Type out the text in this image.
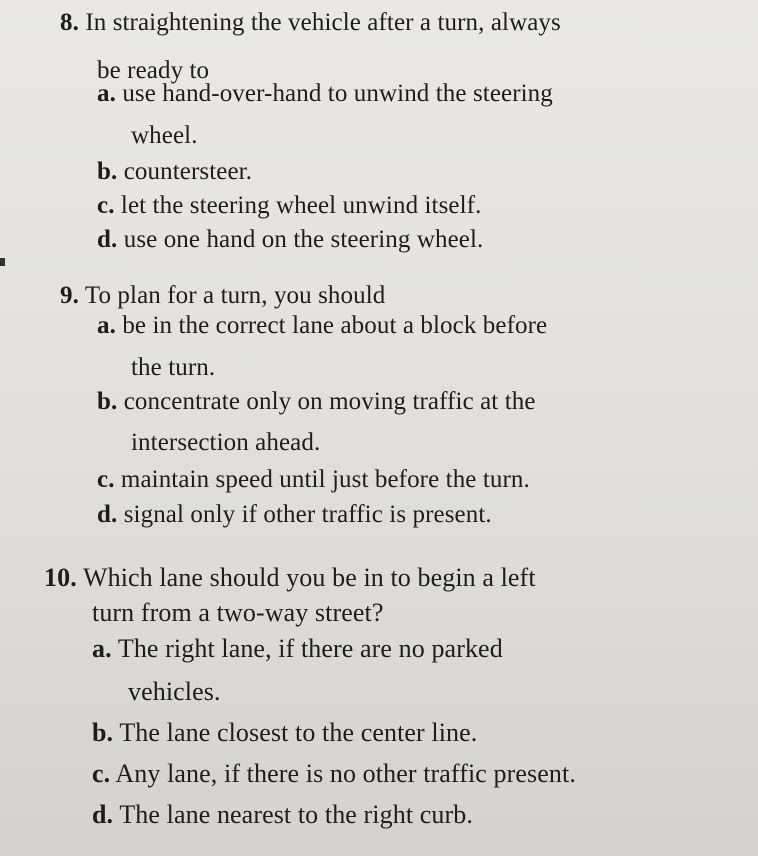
8. In straightening the vehicle after a turn, always
be ready to
a. use hand-over-hand to unwind the steering
wheel.
b. countersteer.
c. let the steering wheel unwind itself.
d. use one hand on the steering wheel.
9. To plan for a turn, you should
a. be in the correct lane about a block before
the turn.
b. concentrate only on moving traffic at the
intersection ahead.
c. maintain speed until just before the turn.
d. signal only if other traffic is present.
10. Which lane should you be in to begin a left
turn from a two-way street?
a. The right lane, if there are no parked
vehicles.
b. The lane closest to the center line.
c. Any lane, if there is no other traffic present.
d. The lane nearest to the right curb.
